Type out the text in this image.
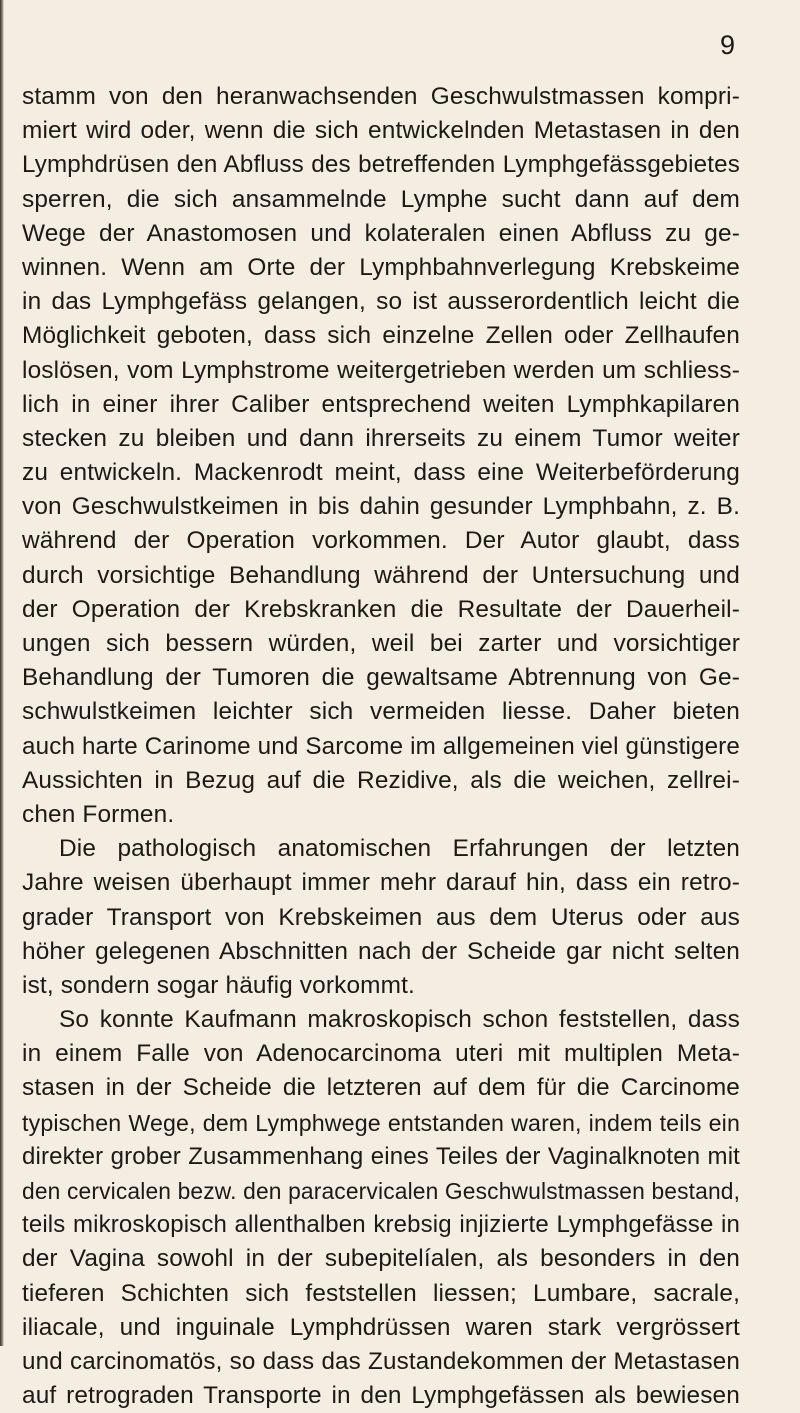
9
stamm von den heranwachsenden Geschwulstmassen kompri-
miert wird oder, wenn die sich entwickelnden Metastasen in den
Lymphdrüsen den Abfluss des betreffenden Lymphgefässgebietes
sperren, die sich ansammelnde Lymphe sucht dann auf dem
Wege der Anastomosen und kolateralen einen Abfluss zu ge-
winnen. Wenn am Orte der Lymphbahnverlegung Krebskeime
in das Lymphgefäss gelangen, so ist ausserordentlich leicht die
Möglichkeit geboten, dass sich einzelne Zellen oder Zellhaufen
loslösen, vom Lymphstrome weitergetrieben werden um schliess-
lich in einer ihrer Caliber entsprechend weiten Lymphkapilaren
stecken zu bleiben und dann ihrerseits zu einem Tumor weiter
zu entwickeln. Mackenrodt meint, dass eine Weiterbeförderung
von Geschwulstkeimen in bis dahin gesunder Lymphbahn, z. B.
während der Operation vorkommen. Der Autor glaubt, dass
durch vorsichtige Behandlung während der Untersuchung und
der Operation der Krebskranken die Resultate der Dauerheil-
ungen sich bessern würden, weil bei zarter und vorsichtiger
Behandlung der Tumoren die gewaltsame Abtrennung von Ge-
schwulstkeimen leichter sich vermeiden liesse. Daher bieten
auch harte Carinome und Sarcome im allgemeinen viel günstigere
Aussichten in Bezug auf die Rezidive, als die weichen, zellrei-
chen Formen.
Die pathologisch anatomischen Erfahrungen der letzten
Jahre weisen überhaupt immer mehr darauf hin, dass ein retro-
grader Transport von Krebskeimen aus dem Uterus oder aus
höher gelegenen Abschnitten nach der Scheide gar nicht selten
ist, sondern sogar häufig vorkommt.
So konnte Kaufmann makroskopisch schon feststellen, dass
in einem Falle von Adenocarcinoma uteri mit multiplen Meta-
stasen in der Scheide die letzteren auf dem für die Carcinome
typischen Wege, dem Lymphwege entstanden waren, indem teils ein
direkter grober Zusammenhang eines Teiles der Vaginalknoten mit
den cervicalen bezw. den paracervicalen Geschwulstmassen bestand,
teils mikroskopisch allenthalben krebsig injizierte Lymphgefässe in
der Vagina sowohl in der subepitelíalen, als besonders in den
tieferen Schichten sich feststellen liessen; Lumbare, sacrale,
iliacale, und inguinale Lymphdrüssen waren stark vergrössert
und carcinomatös, so dass das Zustandekommen der Metastasen
auf retrograden Transporte in den Lymphgefässen als bewiesen
